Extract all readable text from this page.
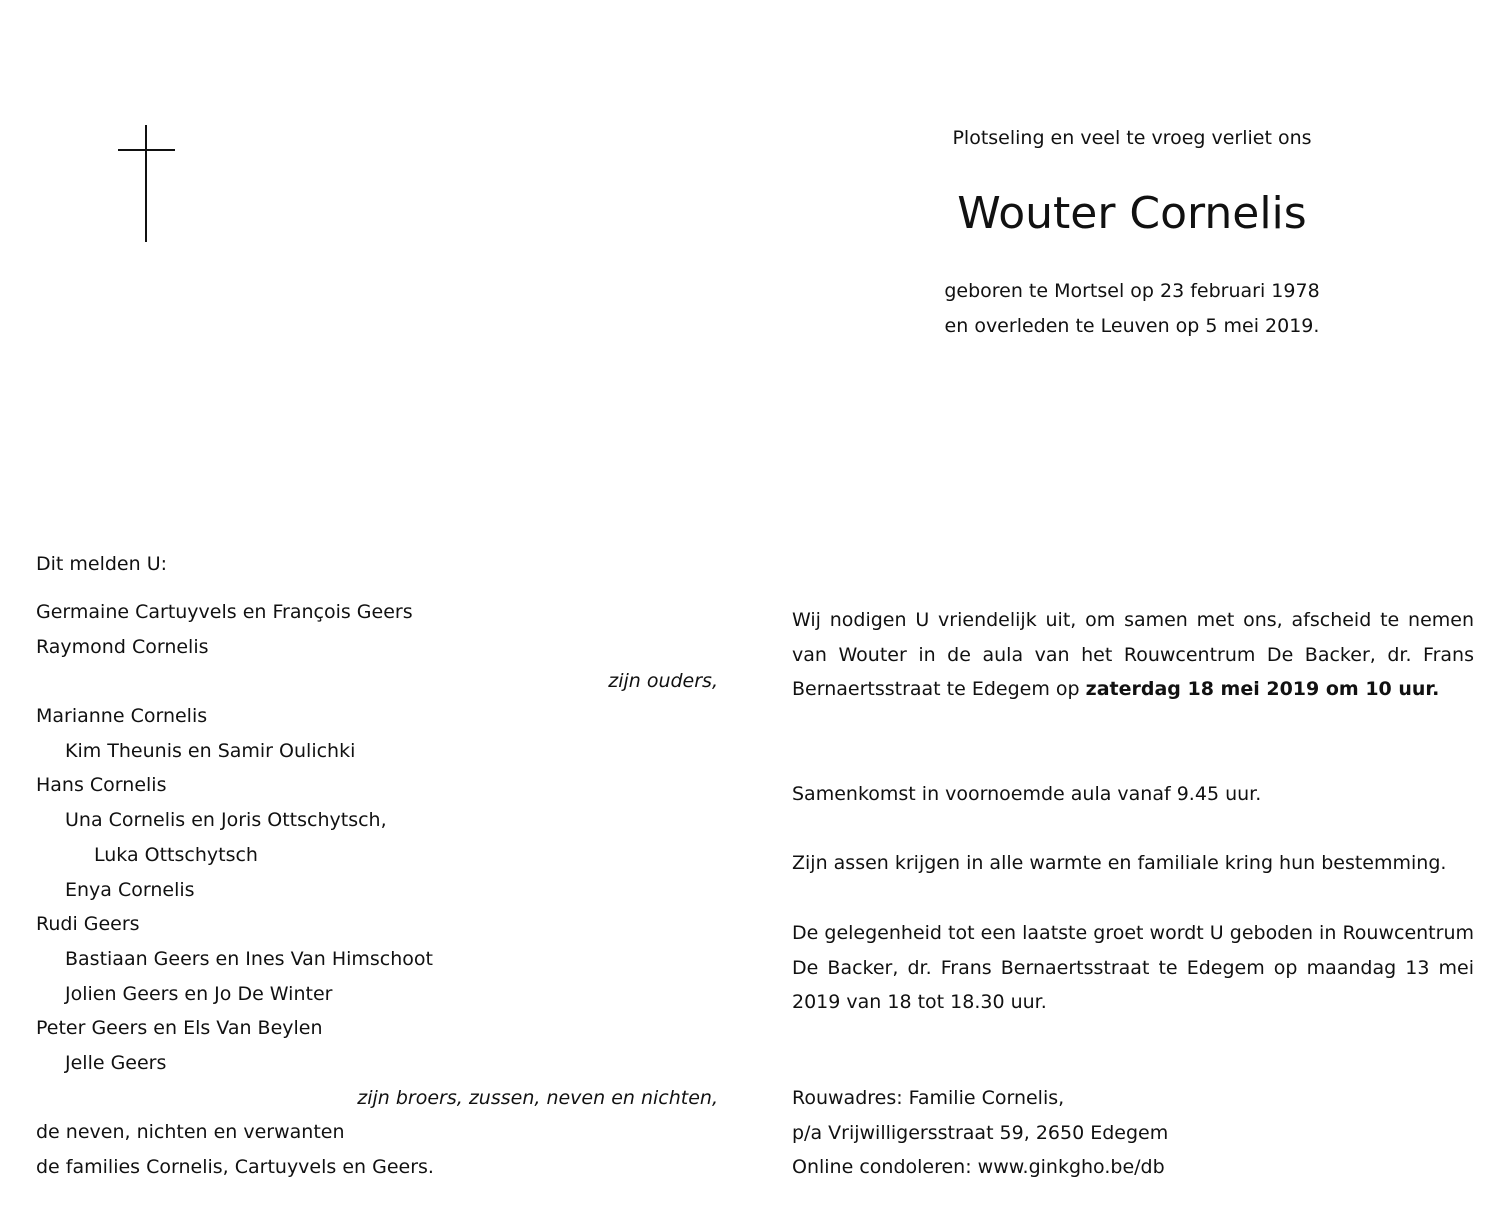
Plotseling en veel te vroeg verliet ons
Wouter Cornelis
geboren te Mortsel op 23 februari 1978
en overleden te Leuven op 5 mei 2019.
Dit melden U:
Germaine Cartuyvels en François Geers
Raymond Cornelis
zijn ouders,
Marianne Cornelis
Kim Theunis en Samir Oulichki
Hans Cornelis
Una Cornelis en Joris Ottschytsch,
Luka Ottschytsch
Enya Cornelis
Rudi Geers
Bastiaan Geers en Ines Van Himschoot
Jolien Geers en Jo De Winter
Peter Geers en Els Van Beylen
Jelle Geers
zijn broers, zussen, neven en nichten,
de neven, nichten en verwanten
de families Cornelis, Cartuyvels en Geers.
Wij nodigen U vriendelijk uit, om samen met ons, afscheid te nemen van Wouter in de aula van het Rouwcentrum De Backer, dr. Frans Bernaertsstraat te Edegem op zaterdag 18 mei 2019 om 10 uur.
Samenkomst in voornoemde aula vanaf 9.45 uur.
Zijn assen krijgen in alle warmte en familiale kring hun bestemming.
De gelegenheid tot een laatste groet wordt U geboden in Rouwcentrum De Backer, dr. Frans Bernaertsstraat te Edegem op maandag 13 mei 2019 van 18 tot 18.30 uur.
Rouwadres: Familie Cornelis,
p/a Vrijwilligersstraat 59, 2650 Edegem
Online condoleren: www.ginkgho.be/db
